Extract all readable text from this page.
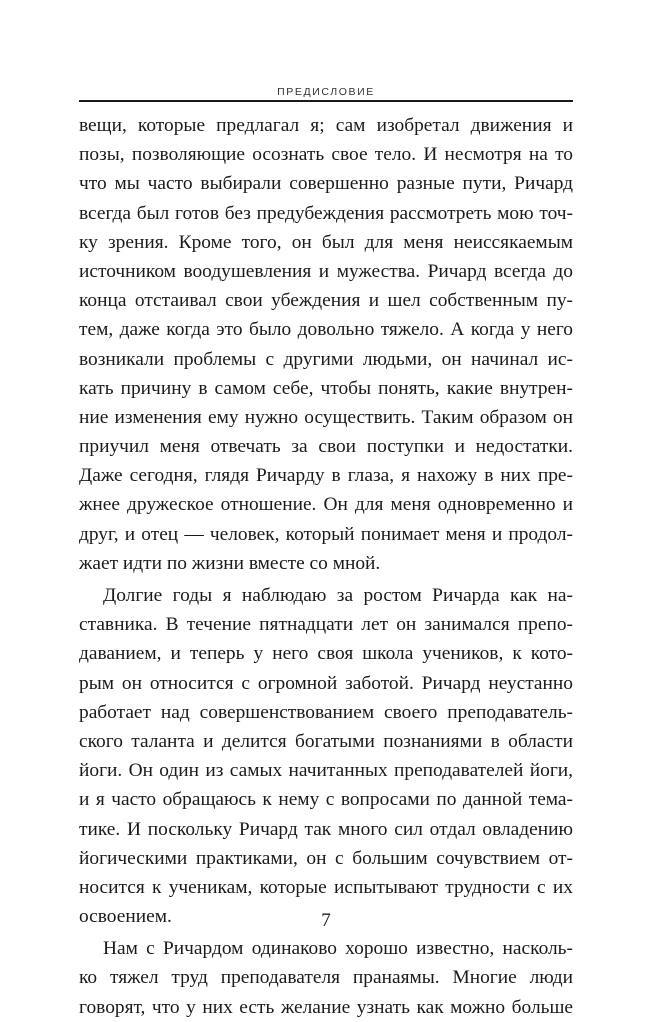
ПРЕДИСЛОВИЕ
вещи, которые предлагал я; сам изобретал движения и
позы, позволяющие осознать свое тело. И несмотря на то
что мы часто выбирали совершенно разные пути, Ричард
всегда был готов без предубеждения рассмотреть мою точ-
ку зрения. Кроме того, он был для меня неиссякаемым
источником воодушевления и мужества. Ричард всегда до
конца отстаивал свои убеждения и шел собственным пу-
тем, даже когда это было довольно тяжело. А когда у него
возникали проблемы с другими людьми, он начинал ис-
кать причину в самом себе, чтобы понять, какие внутрен-
ние изменения ему нужно осуществить. Таким образом он
приучил меня отвечать за свои поступки и недостатки.
Даже сегодня, глядя Ричарду в глаза, я нахожу в них пре-
жнее дружеское отношение. Он для меня одновременно и
друг, и отец — человек, который понимает меня и продол-
жает идти по жизни вместе со мной.
Долгие годы я наблюдаю за ростом Ричарда как на-
ставника. В течение пятнадцати лет он занимался препо-
даванием, и теперь у него своя школа учеников, к кото-
рым он относится с огромной заботой. Ричард неустанно
работает над совершенствованием своего преподаватель-
ского таланта и делится богатыми познаниями в области
йоги. Он один из самых начитанных преподавателей йоги,
и я часто обращаюсь к нему с вопросами по данной тема-
тике. И поскольку Ричард так много сил отдал овладению
йогическими практиками, он с большим сочувствием от-
носится к ученикам, которые испытывают трудности с их
освоением.
Нам с Ричардом одинаково хорошо известно, насколь-
ко тяжел труд преподавателя пранаямы. Многие люди
говорят, что у них есть желание узнать как можно больше
7
